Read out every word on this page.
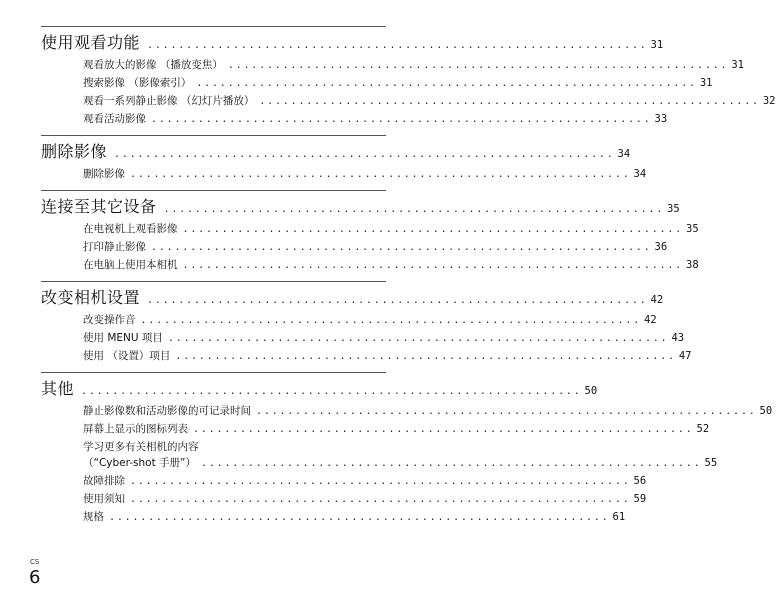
使用观看功能 ................................................................ 31
观看放大的影像 （播放变焦） ................................................................ 31
搜索影像 （影像索引） ................................................................ 31
观看一系列静止影像 （幻灯片播放） ................................................................ 32
观看活动影像 ................................................................ 33
删除影像 ................................................................ 34
删除影像 ................................................................ 34
连接至其它设备 ................................................................ 35
在电视机上观看影像 ................................................................ 35
打印静止影像 ................................................................ 36
在电脑上使用本相机 ................................................................ 38
改变相机设置 ................................................................ 42
改变操作音 ................................................................ 42
使用 MENU 项目 ................................................................ 43
使用 （设置）项目 ................................................................ 47
其他 ................................................................ 50
静止影像数和活动影像的可记录时间 ................................................................ 50
屏幕上显示的图标列表 ................................................................ 52
学习更多有关相机的内容
（“Cyber-shot 手册”） ................................................................ 55
故障排除 ................................................................ 56
使用须知 ................................................................ 59
规格 ................................................................ 61
CS
6
